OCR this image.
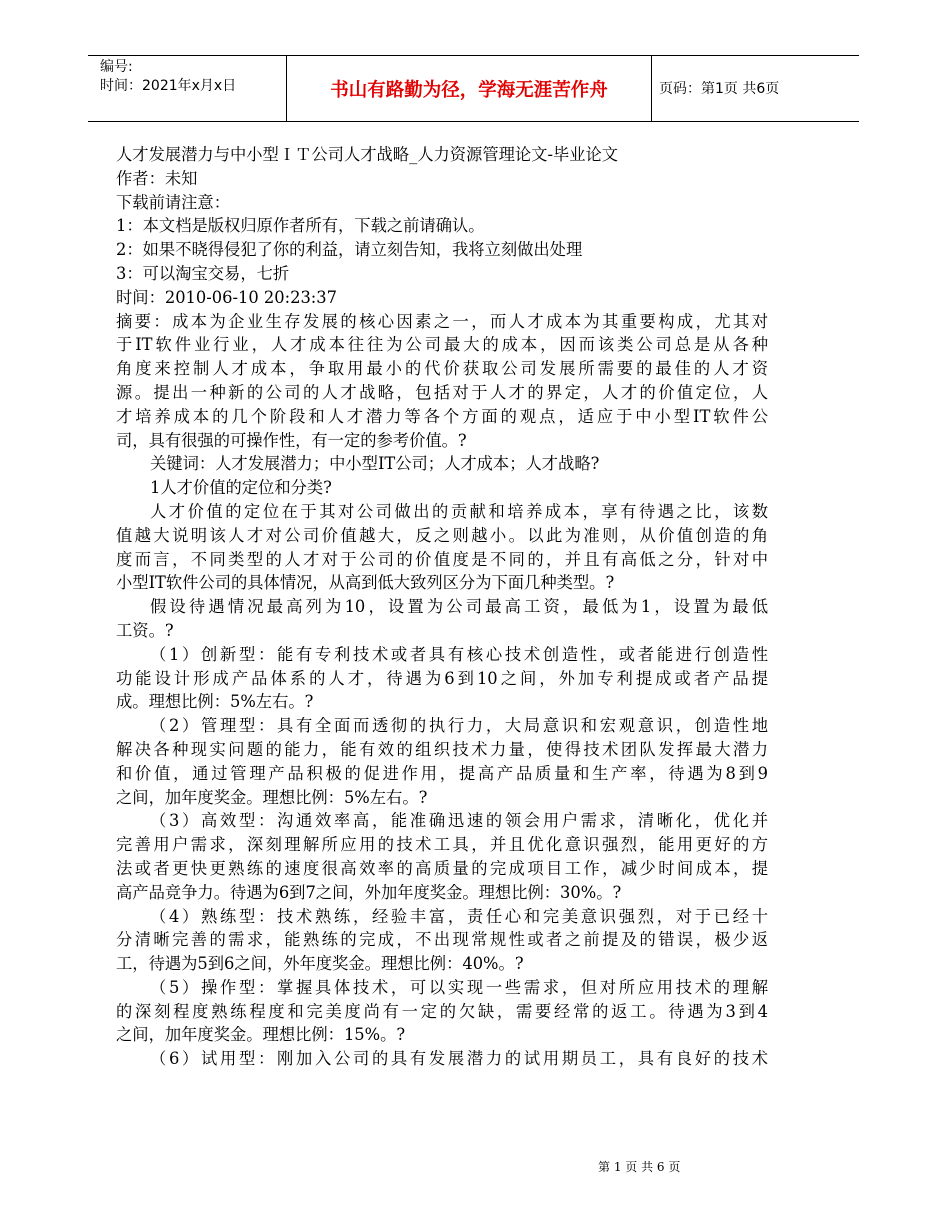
编号:
时间：2021年x月x日	书山有路勤为径，学海无涯苦作舟	页码：第1页 共6页
人才发展潜力与中小型ＩＴ公司人才战略_人力资源管理论文-毕业论文
作者：未知
下载前请注意：
1：本文档是版权归原作者所有，下载之前请确认。
2：如果不晓得侵犯了你的利益，请立刻告知，我将立刻做出处理
3：可以淘宝交易，七折
时间：2010-06-10 20:23:37
摘要：成本为企业生存发展的核心因素之一，而人才成本为其重要构成，尤其对
于IT软件业行业，人才成本往往为公司最大的成本，因而该类公司总是从各种
角度来控制人才成本，争取用最小的代价获取公司发展所需要的最佳的人才资
源。提出一种新的公司的人才战略，包括对于人才的界定，人才的价值定位，人
才培养成本的几个阶段和人才潜力等各个方面的观点，适应于中小型IT软件公
司，具有很强的可操作性，有一定的参考价值。?
关键词：人才发展潜力；中小型IT公司；人才成本；人才战略?
1人才价值的定位和分类?
人才价值的定位在于其对公司做出的贡献和培养成本，享有待遇之比，该数
值越大说明该人才对公司价值越大，反之则越小。以此为准则，从价值创造的角
度而言，不同类型的人才对于公司的价值度是不同的，并且有高低之分，针对中
小型IT软件公司的具体情况，从高到低大致列区分为下面几种类型。?
假设待遇情况最高列为10，设置为公司最高工资，最低为1，设置为最低
工资。?
（1）创新型：能有专利技术或者具有核心技术创造性，或者能进行创造性
功能设计形成产品体系的人才，待遇为6到10之间，外加专利提成或者产品提
成。理想比例：5%左右。?
（2）管理型：具有全面而透彻的执行力，大局意识和宏观意识，创造性地
解决各种现实问题的能力，能有效的组织技术力量，使得技术团队发挥最大潜力
和价值，通过管理产品积极的促进作用，提高产品质量和生产率，待遇为8到9
之间，加年度奖金。理想比例：5%左右。?
（3）高效型：沟通效率高，能准确迅速的领会用户需求，清晰化，优化并
完善用户需求，深刻理解所应用的技术工具，并且优化意识强烈，能用更好的方
法或者更快更熟练的速度很高效率的高质量的完成项目工作，减少时间成本，提
高产品竞争力。待遇为6到7之间，外加年度奖金。理想比例：30%。?
（4）熟练型：技术熟练，经验丰富，责任心和完美意识强烈，对于已经十
分清晰完善的需求，能熟练的完成，不出现常规性或者之前提及的错误，极少返
工，待遇为5到6之间，外年度奖金。理想比例：40%。?
（5）操作型：掌握具体技术，可以实现一些需求，但对所应用技术的理解
的深刻程度熟练程度和完美度尚有一定的欠缺，需要经常的返工。待遇为3到4
之间，加年度奖金。理想比例：15%。?
（6）试用型：刚加入公司的具有发展潜力的试用期员工，具有良好的技术
第 1 页 共 6 页
